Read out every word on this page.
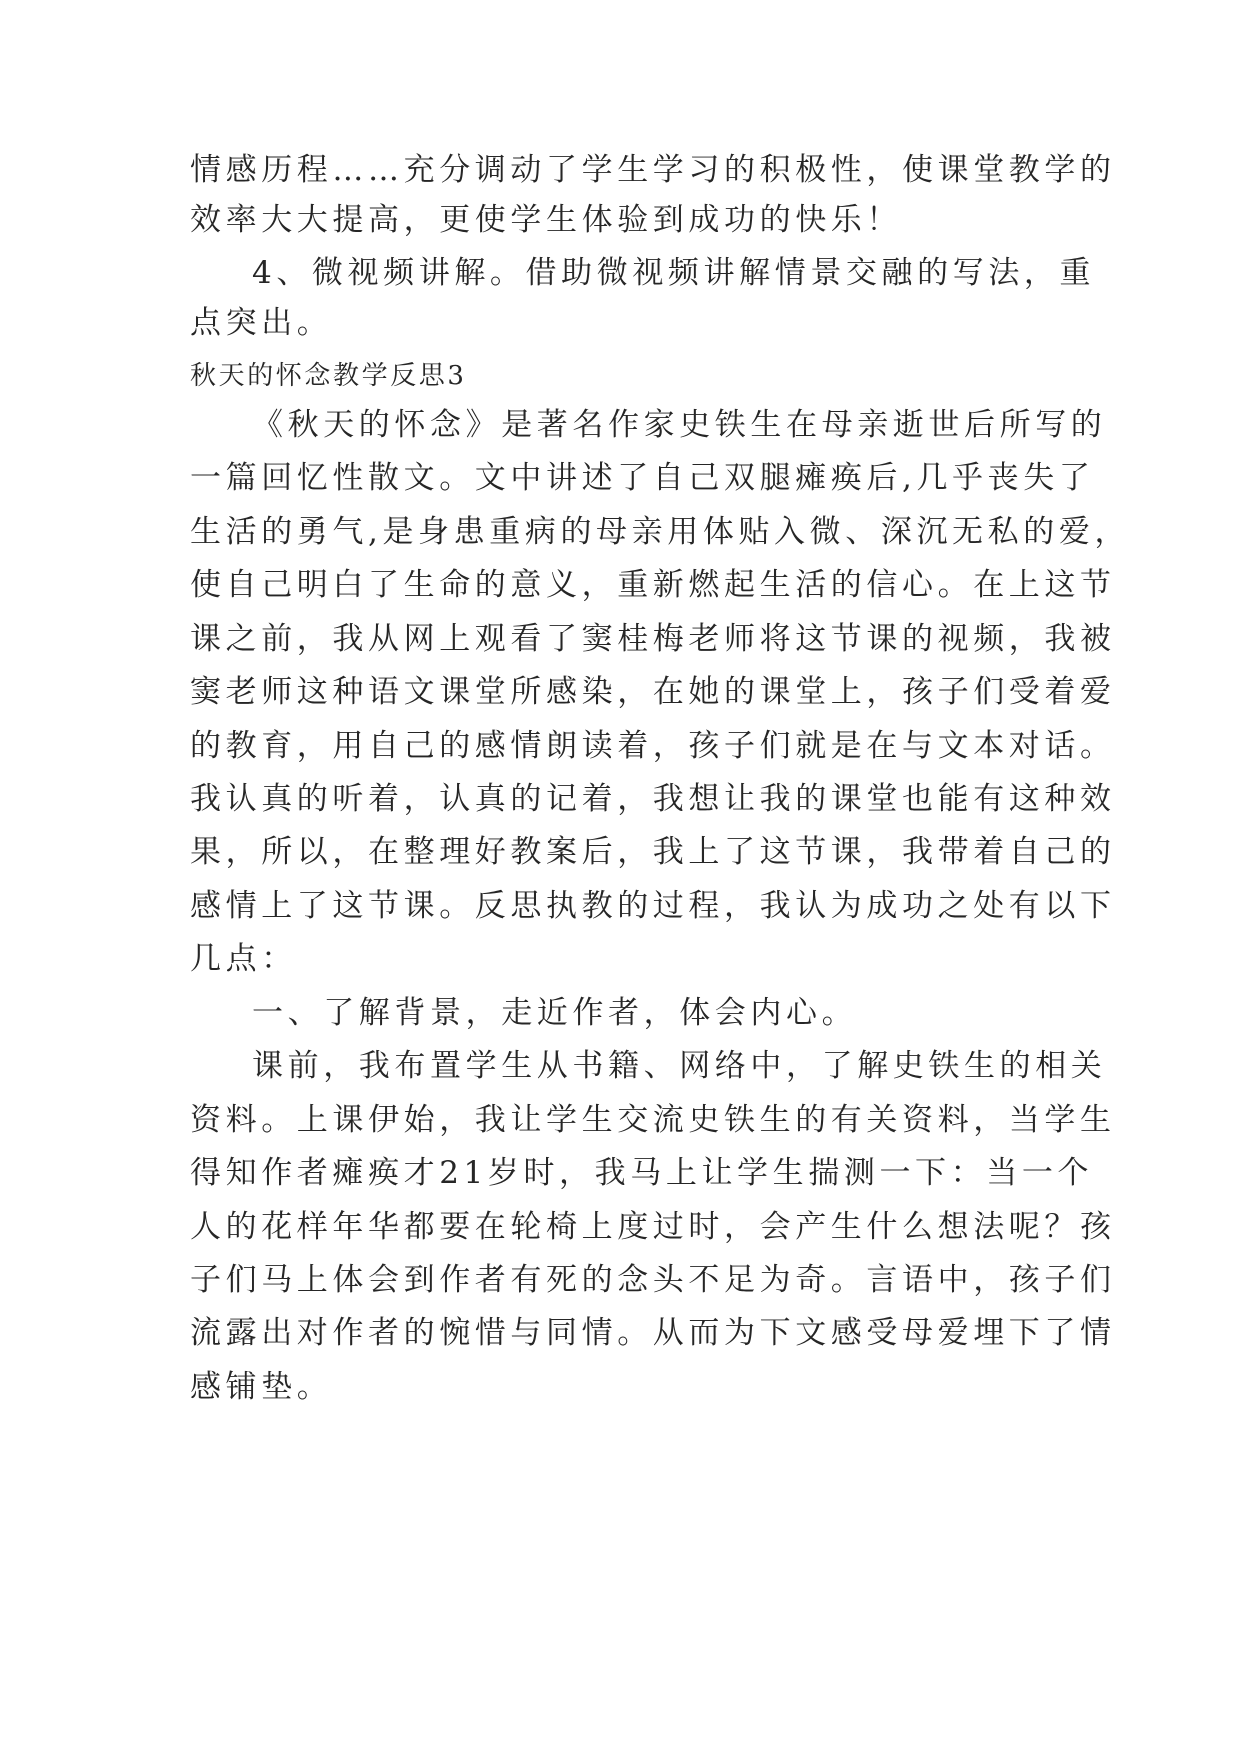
情感历程……充分调动了学生学习的积极性，使课堂教学的
效率大大提高，更使学生体验到成功的快乐！
4、微视频讲解。借助微视频讲解情景交融的写法，重
点突出。
秋天的怀念教学反思3
《秋天的怀念》是著名作家史铁生在母亲逝世后所写的
一篇回忆性散文。文中讲述了自己双腿瘫痪后,几乎丧失了
生活的勇气,是身患重病的母亲用体贴入微、深沉无私的爱，
使自己明白了生命的意义，重新燃起生活的信心。在上这节
课之前，我从网上观看了窦桂梅老师将这节课的视频，我被
窦老师这种语文课堂所感染，在她的课堂上，孩子们受着爱
的教育，用自己的感情朗读着，孩子们就是在与文本对话。
我认真的听着，认真的记着，我想让我的课堂也能有这种效
果，所以，在整理好教案后，我上了这节课，我带着自己的
感情上了这节课。反思执教的过程，我认为成功之处有以下
几点：
一、了解背景，走近作者，体会内心。
课前，我布置学生从书籍、网络中，了解史铁生的相关
资料。上课伊始，我让学生交流史铁生的有关资料，当学生
得知作者瘫痪才21岁时，我马上让学生揣测一下：当一个
人的花样年华都要在轮椅上度过时，会产生什么想法呢？孩
子们马上体会到作者有死的念头不足为奇。言语中，孩子们
流露出对作者的惋惜与同情。从而为下文感受母爱埋下了情
感铺垫。
